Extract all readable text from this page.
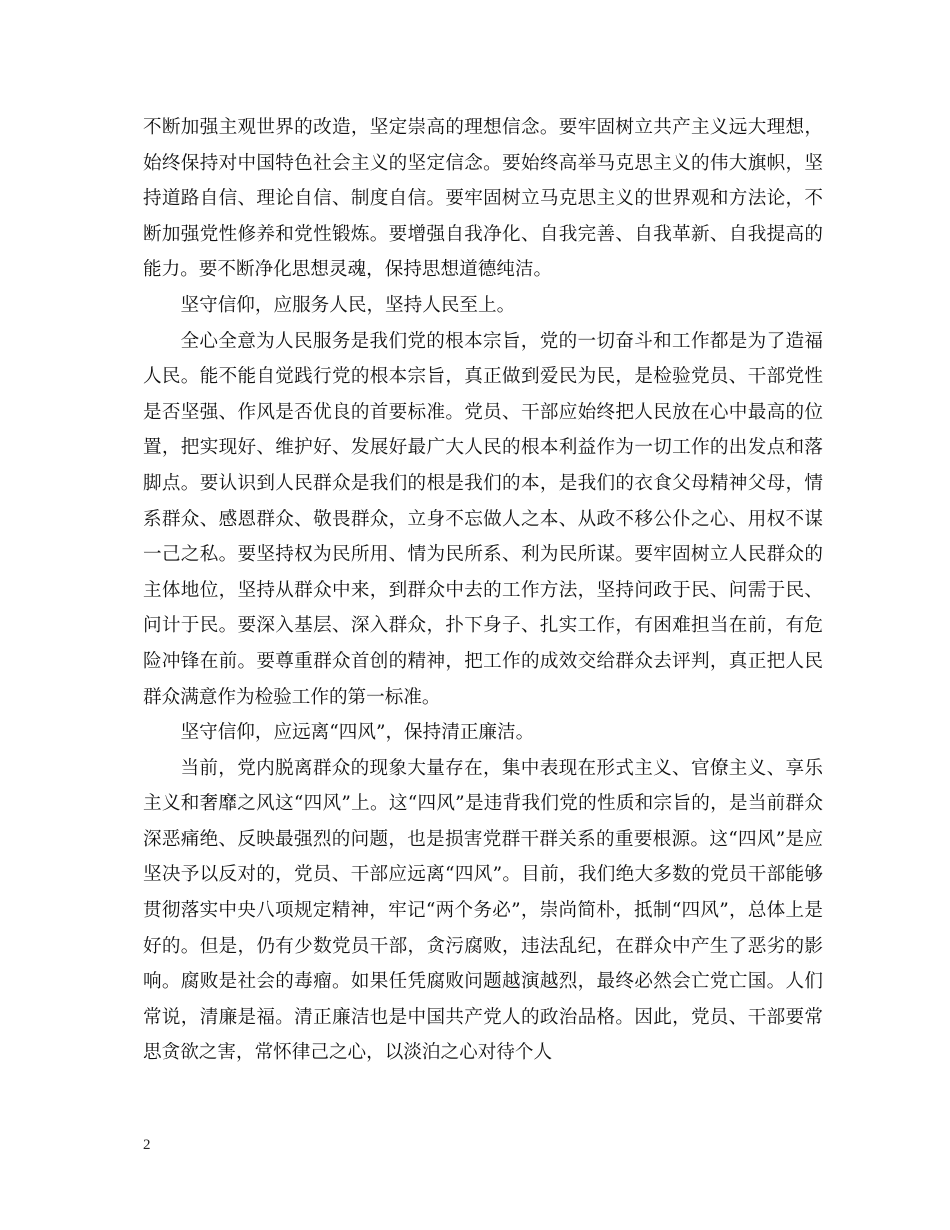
不断加强主观世界的改造，坚定崇高的理想信念。要牢固树立共产主义远大理想，始终保持对中国特色社会主义的坚定信念。要始终高举马克思主义的伟大旗帜，坚持道路自信、理论自信、制度自信。要牢固树立马克思主义的世界观和方法论，不断加强党性修养和党性锻炼。要增强自我净化、自我完善、自我革新、自我提高的能力。要不断净化思想灵魂，保持思想道德纯洁。

坚守信仰，应服务人民，坚持人民至上。

全心全意为人民服务是我们党的根本宗旨，党的一切奋斗和工作都是为了造福人民。能不能自觉践行党的根本宗旨，真正做到爱民为民，是检验党员、干部党性是否坚强、作风是否优良的首要标准。党员、干部应始终把人民放在心中最高的位置，把实现好、维护好、发展好最广大人民的根本利益作为一切工作的出发点和落脚点。要认识到人民群众是我们的根是我们的本，是我们的衣食父母精神父母，情系群众、感恩群众、敬畏群众，立身不忘做人之本、从政不移公仆之心、用权不谋一己之私。要坚持权为民所用、情为民所系、利为民所谋。要牢固树立人民群众的主体地位，坚持从群众中来，到群众中去的工作方法，坚持问政于民、问需于民、问计于民。要深入基层、深入群众，扑下身子、扎实工作，有困难担当在前，有危险冲锋在前。要尊重群众首创的精神，把工作的成效交给群众去评判，真正把人民群众满意作为检验工作的第一标准。

坚守信仰，应远离“四风”，保持清正廉洁。

当前，党内脱离群众的现象大量存在，集中表现在形式主义、官僚主义、享乐主义和奢靡之风这“四风”上。这“四风”是违背我们党的性质和宗旨的，是当前群众深恶痛绝、反映最强烈的问题，也是损害党群干群关系的重要根源。这“四风”是应坚决予以反对的，党员、干部应远离“四风”。目前，我们绝大多数的党员干部能够贯彻落实中央八项规定精神，牢记“两个务必”，崇尚简朴，抵制“四风”，总体上是好的。但是，仍有少数党员干部，贪污腐败，违法乱纪，在群众中产生了恶劣的影响。腐败是社会的毒瘤。如果任凭腐败问题越演越烈，最终必然会亡党亡国。人们常说，清廉是福。清正廉洁也是中国共产党人的政治品格。因此，党员、干部要常思贪欲之害，常怀律己之心，以淡泊之心对待个人

2
